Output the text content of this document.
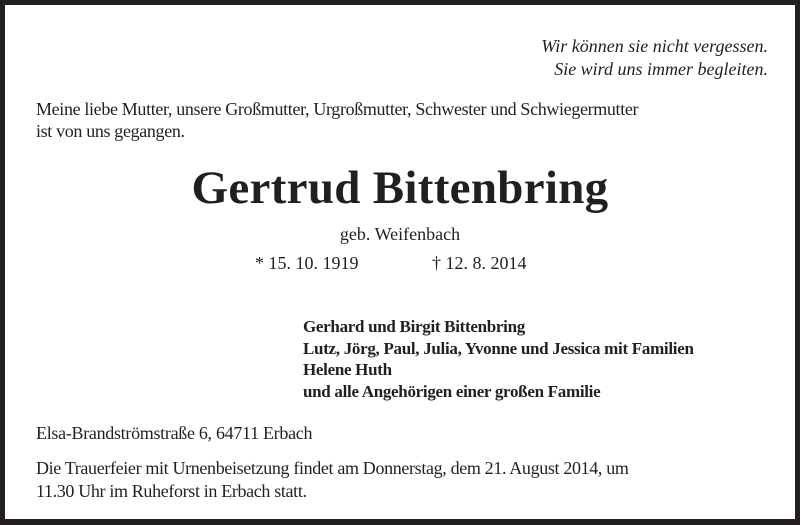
Wir können sie nicht vergessen.
Sie wird uns immer begleiten.
Meine liebe Mutter, unsere Großmutter, Urgroßmutter, Schwester und Schwiegermutter
ist von uns gegangen.
Gertrud Bittenbring
geb. Weifenbach
* 15. 10. 1919	† 12. 8. 2014
Gerhard und Birgit Bittenbring
Lutz, Jörg, Paul, Julia, Yvonne und Jessica mit Familien
Helene Huth
und alle Angehörigen einer großen Familie
Elsa-Brandströmstraße 6, 64711 Erbach
Die Trauerfeier mit Urnenbeisetzung findet am Donnerstag, dem 21. August 2014, um
11.30 Uhr im Ruheforst in Erbach statt.
